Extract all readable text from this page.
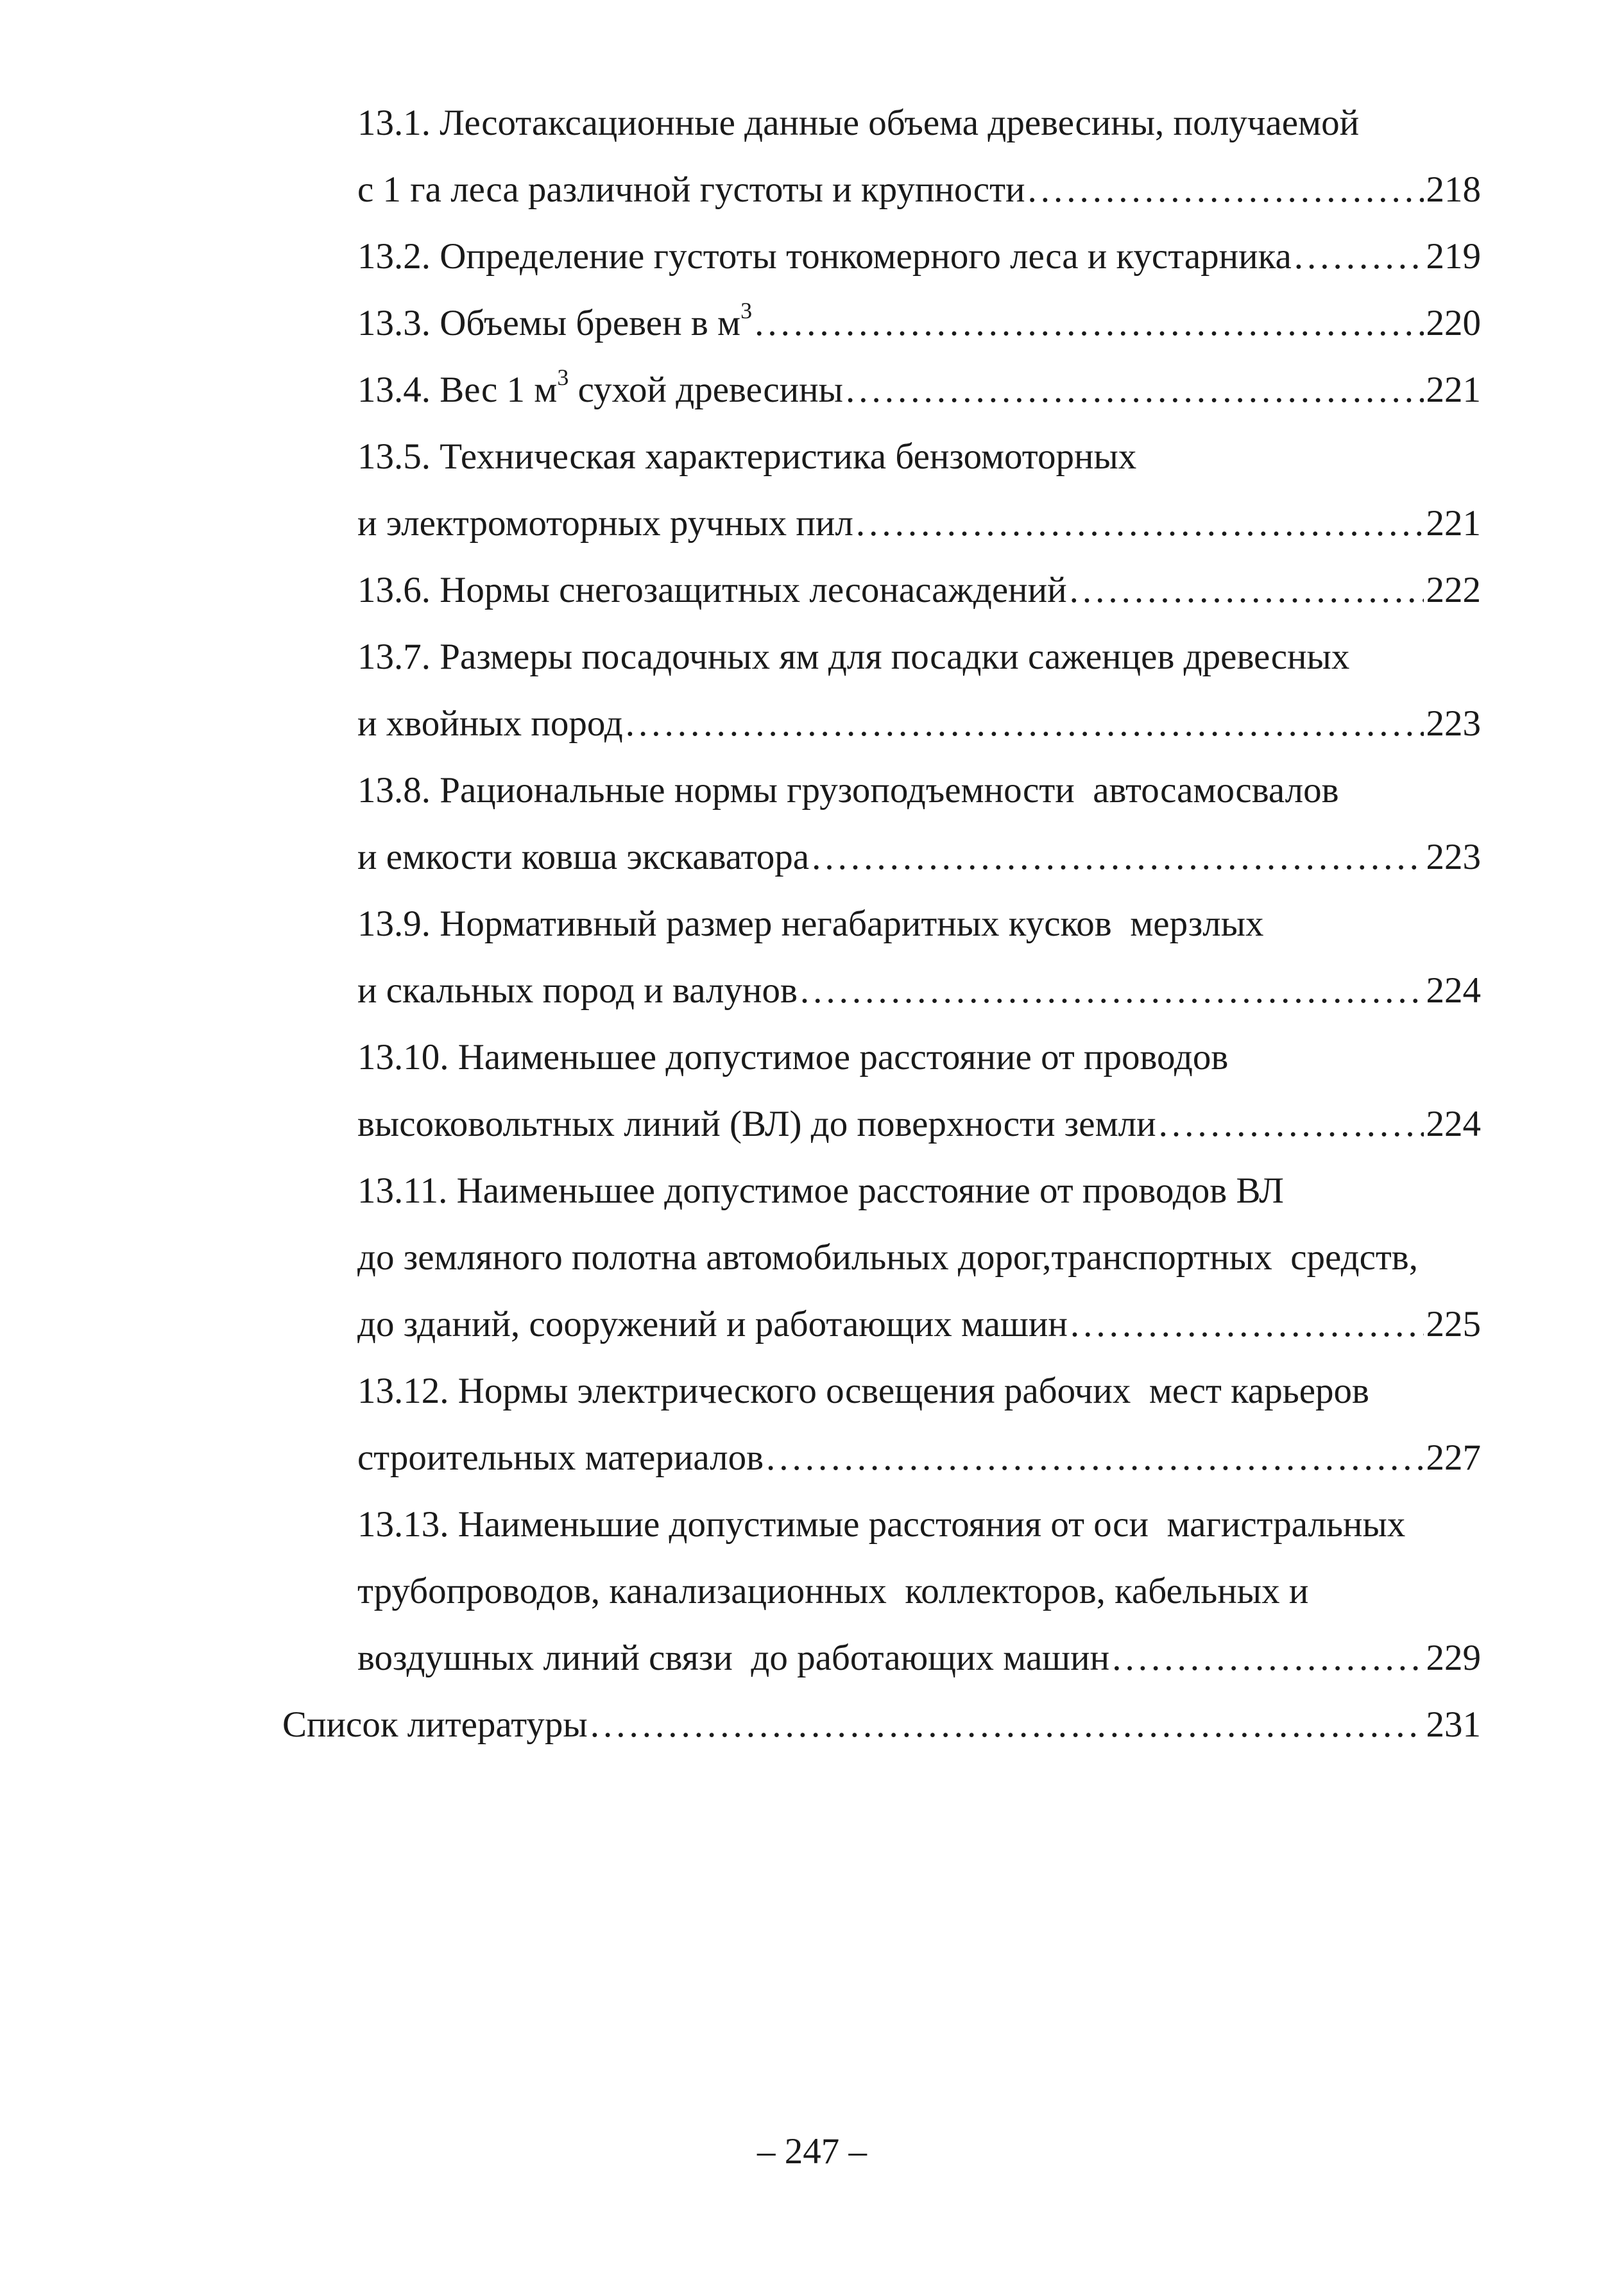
13.1. Лесотаксационные данные объема древесины, получаемой
с 1 га леса различной густоты и крупности .....	218
13.2. Определение густоты тонкомерного леса и кустарника .....	219
13.3. Объемы бревен в $м^3$ .....	220
13.4. Вес 1 $м^3$ сухой древесины .....	221
13.5. Техническая характеристика бензомоторных
и электромоторных ручных пил .....	221
13.6. Нормы снегозащитных лесонасаждений .....	222
13.7. Размеры посадочных ям для посадки саженцев древесных
и хвойных пород .....	223
13.8. Рациональные нормы грузоподъемности  автосамосвалов
и емкости ковша экскаватора .....	223
13.9. Нормативный размер негабаритных кусков  мерзлых
и скальных пород и валунов .....	224
13.10. Наименьшее допустимое расстояние от проводов
высоковольтных линий (ВЛ) до поверхности земли .....	224
13.11. Наименьшее допустимое расстояние от проводов ВЛ
до земляного полотна автомобильных дорог,транспортных  средств,
до зданий, сооружений и работающих машин .....	225
13.12. Нормы электрического освещения рабочих  мест карьеров
строительных материалов .....	227
13.13. Наименьшие допустимые расстояния от оси  магистральных
трубопроводов, канализационных  коллекторов, кабельных и
воздушных линий связи  до работающих машин .....	229
Список литературы .....	231
– 247 –
